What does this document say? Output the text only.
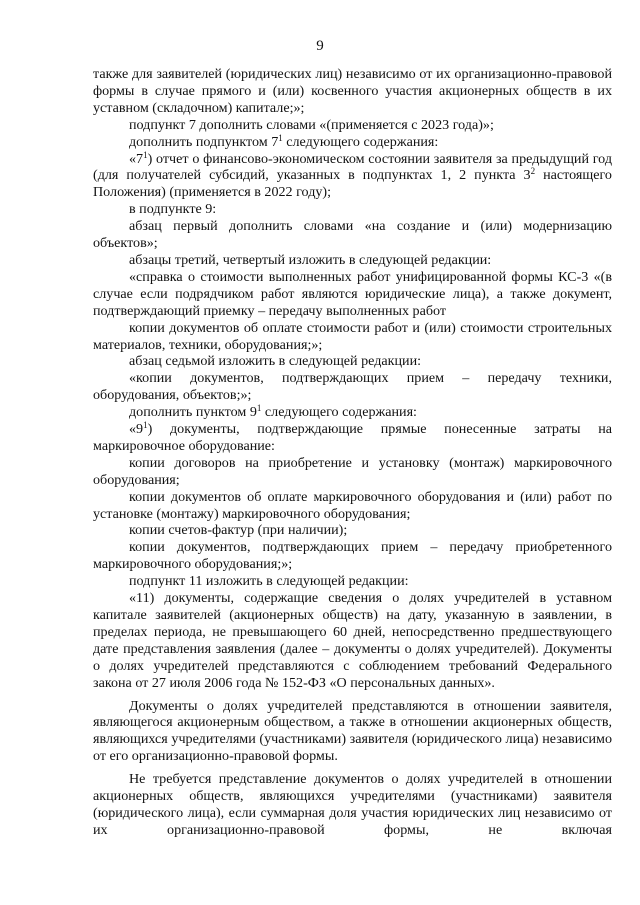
9

также для заявителей (юридических лиц) независимо от их организационно-правовой формы в случае прямого и (или) косвенного участия акционерных обществ в их уставном (складочном) капитале;»;

подпункт 7 дополнить словами «(применяется с 2023 года)»;

дополнить подпунктом $7^1$ следующего содержания:

«$7^1$) отчет о финансово-экономическом состоянии заявителя за предыдущий год (для получателей субсидий, указанных в подпунктах 1, 2 пункта $3^2$ настоящего Положения) (применяется в 2022 году);

в подпункте 9:

абзац первый дополнить словами «на создание и (или) модернизацию объектов»;

абзацы третий, четвертый изложить в следующей редакции:

«справка о стоимости выполненных работ унифицированной формы КС-3 «(в случае если подрядчиком работ являются юридические лица), а также документ, подтверждающий приемку – передачу выполненных работ

копии документов об оплате стоимости работ и (или) стоимости строительных материалов, техники, оборудования;»;

абзац седьмой изложить в следующей редакции:

«копии документов, подтверждающих прием – передачу техники, оборудования, объектов;»;

дополнить пунктом $9^1$ следующего содержания:

«$9^1$) документы, подтверждающие прямые понесенные затраты на маркировочное оборудование:

копии договоров на приобретение и установку (монтаж) маркировочного оборудования;

копии документов об оплате маркировочного оборудования и (или) работ по установке (монтажу) маркировочного оборудования;

копии счетов-фактур (при наличии);

копии документов, подтверждающих прием – передачу приобретенного маркировочного оборудования;»;

подпункт 11 изложить в следующей редакции:

«11) документы, содержащие сведения о долях учредителей в уставном капитале заявителей (акционерных обществ) на дату, указанную в заявлении, в пределах периода, не превышающего 60 дней, непосредственно предшествующего дате представления заявления (далее – документы о долях учредителей). Документы о долях учредителей представляются с соблюдением требований Федерального закона от 27 июля 2006 года № 152-ФЗ «О персональных данных».

Документы о долях учредителей представляются в отношении заявителя, являющегося акционерным обществом, а также в отношении акционерных обществ, являющихся учредителями (участниками) заявителя (юридического лица) независимо от его организационно-правовой формы.

Не требуется представление документов о долях учредителей в отношении акционерных обществ, являющихся учредителями (участниками) заявителя (юридического лица), если суммарная доля участия юридических лиц независимо от их организационно-правовой формы, не включая
